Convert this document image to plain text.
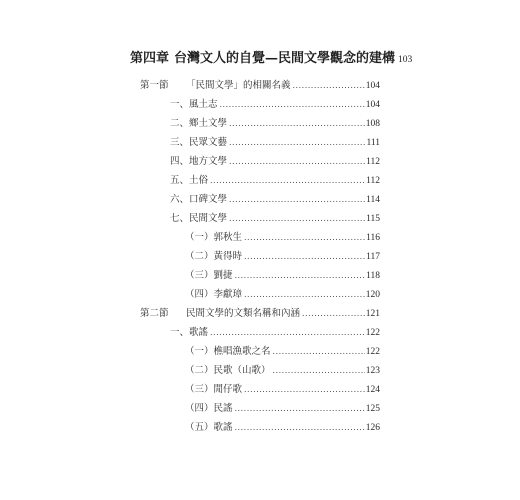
第四章 台灣文人的自覺—民間文學觀念的建構 103
第一節 「民間文學」的相關名義 .....	104
一、風土志 .....	104
二、鄉土文學 .....	108
三、民眾文藝 .....	111
四、地方文學 .....	112
五、土俗 .....	112
六、口碑文學 .....	114
七、民間文學 .....	115
（一）郭秋生 .....	116
（二）黃得時 .....	117
（三）劉捷 .....	118
（四）李獻璋 .....	120
第二節 民間文學的文類名稱和內涵 .....	121
一、歌謠 .....	122
（一）樵唱漁歌之名 .....	122
（二）民歌（山歌） .....	123
（三）閒仔歌 .....	124
（四）民謠 .....	125
（五）歌謠 .....	126
